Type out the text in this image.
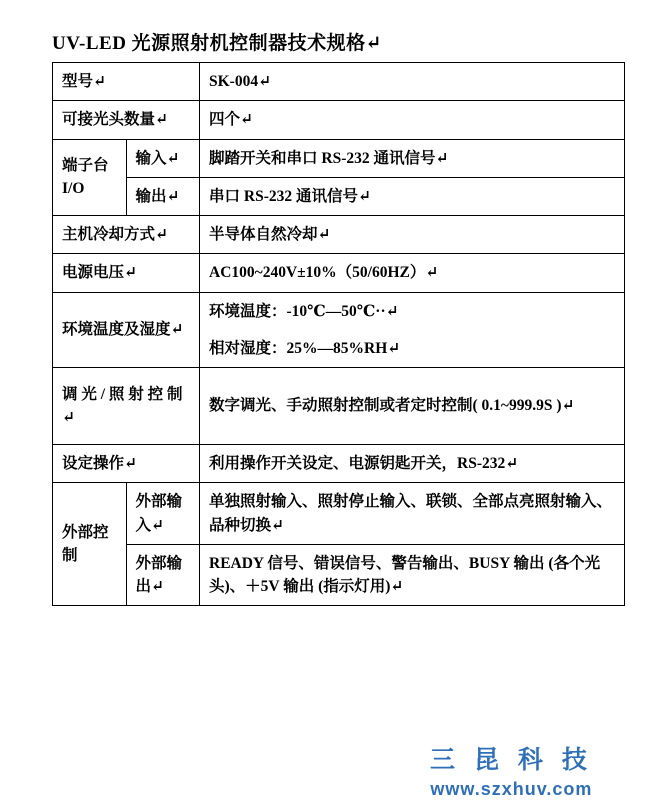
UV-LED 光源照射机控制器技术规格↵
型号↵		SK-004↵
可接光头数量↵		四个↵
端子台 I/O	输入↵	脚踏开关和串口 RS-232 通讯信号↵
	输出↵	串口 RS-232 通讯信号↵
主机冷却方式↵		半导体自然冷却↵
电源电压↵		AC100~240V±10%（50/60HZ）↵
环境温度及湿度↵		环境温度：-10℃—50℃··↵

相对湿度：25%—85%RH↵

调 光 / 照 射 控 制↵		数字调光、手动照射控制或者定时控制( 0.1~999.9S )↵
设定操作↵		利用操作开关设定、电源钥匙开关，RS-232↵
外部控制	外部输 入↵	单独照射输入、照射停止输入、联锁、全部点亮照射输入、品种切换↵
	外部输 出↵	READY 信号、错误信号、警告输出、BUSY 输出 (各个光头)、＋5V 输出 (指示灯用)↵
三 昆 科 技
www.szxhuv.com
